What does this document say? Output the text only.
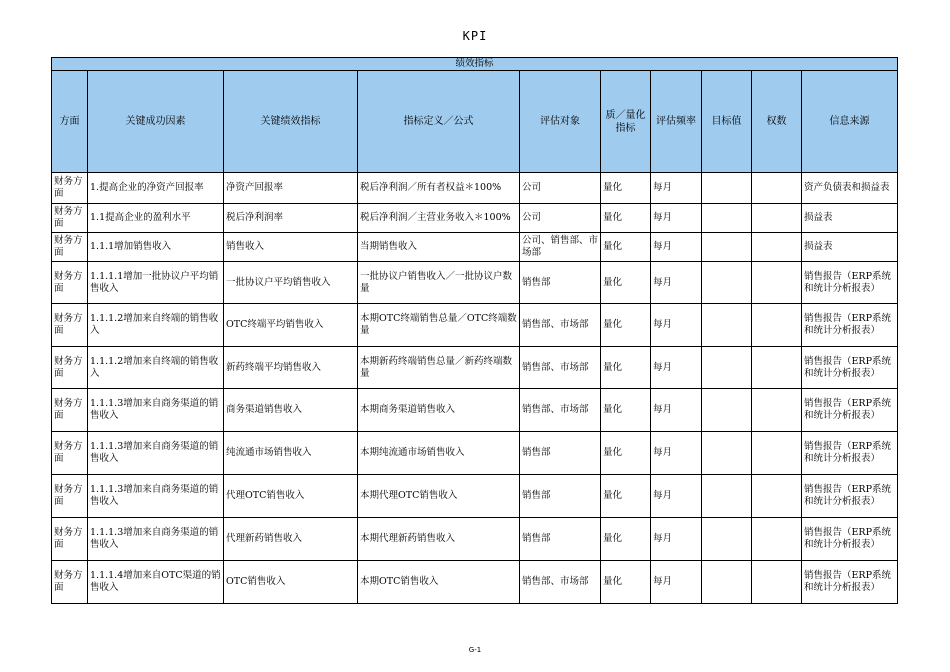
KPI
绩效指标									
方面	关键成功因素	关键绩效指标	指标定义／公式	评估对象	质／量化指标	评估频率	目标值	权数	信息来源
财务方面	1.提高企业的净资产回报率	净资产回报率	税后净利润／所有者权益＊100%	公司	量化	每月			资产负债表和损益表
财务方面	1.1提高企业的盈利水平	税后净利润率	税后净利润／主营业务收入＊100%	公司	量化	每月			损益表
财务方面	1.1.1增加销售收入	销售收入	当期销售收入	公司、销售部、市场部	量化	每月			损益表
财务方面	1.1.1.1增加一批协议户平均销售收入	一批协议户平均销售收入	一批协议户销售收入／一批协议户数量	销售部	量化	每月			销售报告（ERP系统和统计分析报表）
财务方面	1.1.1.2增加来自终端的销售收入	OTC终端平均销售收入	本期OTC终端销售总量／OTC终端数量	销售部、市场部	量化	每月			销售报告（ERP系统和统计分析报表）
财务方面	1.1.1.2增加来自终端的销售收入	新药终端平均销售收入	本期新药终端销售总量／新药终端数量	销售部、市场部	量化	每月			销售报告（ERP系统和统计分析报表）
财务方面	1.1.1.3增加来自商务渠道的销售收入	商务渠道销售收入	本期商务渠道销售收入	销售部、市场部	量化	每月			销售报告（ERP系统和统计分析报表）
财务方面	1.1.1.3增加来自商务渠道的销售收入	纯流通市场销售收入	本期纯流通市场销售收入	销售部	量化	每月			销售报告（ERP系统和统计分析报表）
财务方面	1.1.1.3增加来自商务渠道的销售收入	代理OTC销售收入	本期代理OTC销售收入	销售部	量化	每月			销售报告（ERP系统和统计分析报表）
财务方面	1.1.1.3增加来自商务渠道的销售收入	代理新药销售收入	本期代理新药销售收入	销售部	量化	每月			销售报告（ERP系统和统计分析报表）
财务方面	1.1.1.4增加来自OTC渠道的销售收入	OTC销售收入	本期OTC销售收入	销售部、市场部	量化	每月			销售报告（ERP系统和统计分析报表）
G-1
